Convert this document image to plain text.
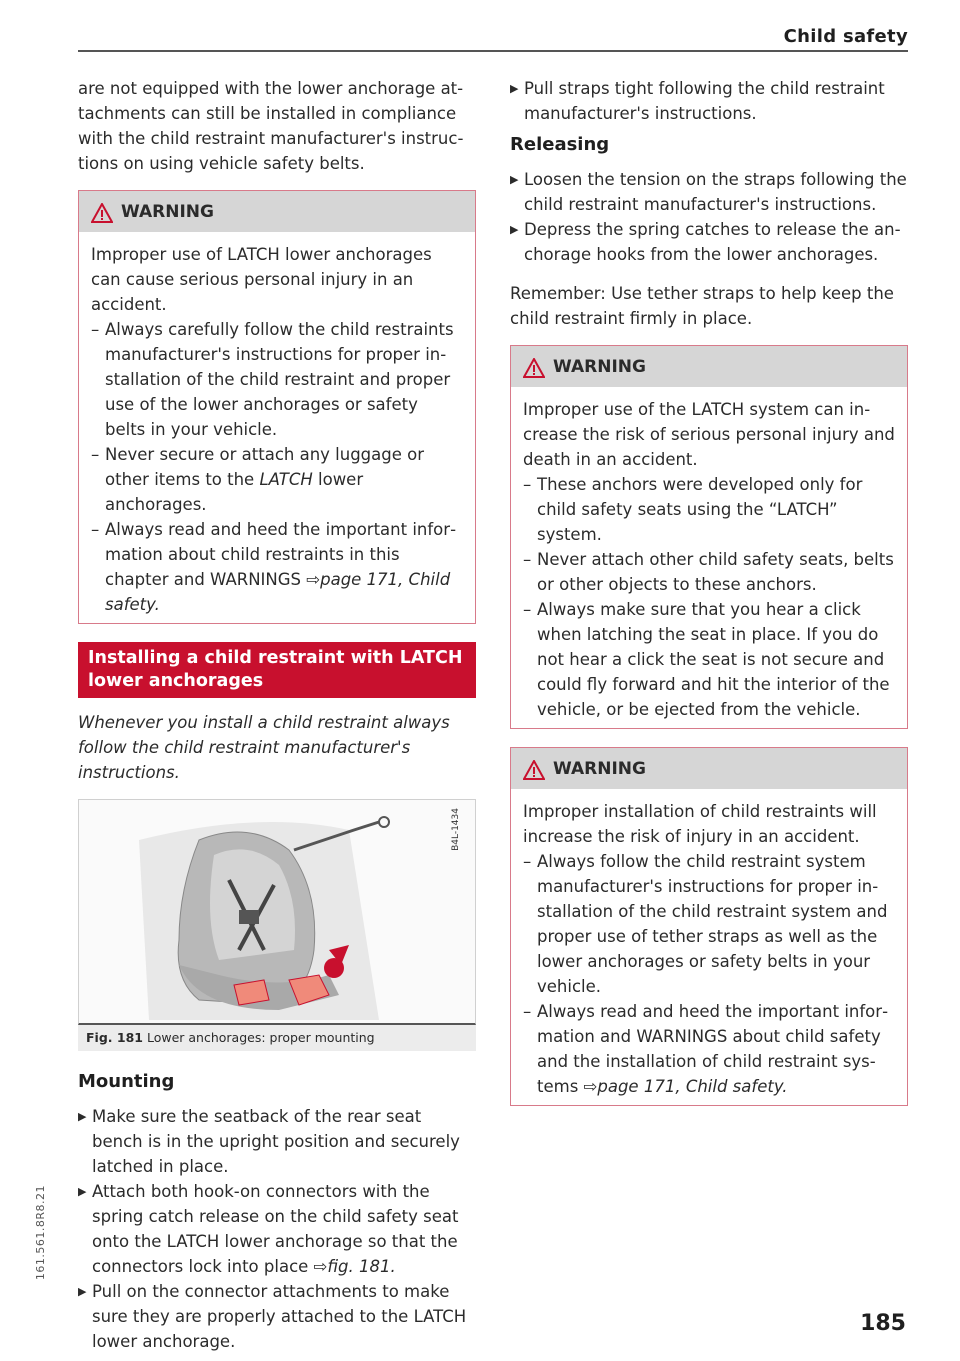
Child safety

are not equipped with the lower anchorage attachments can still be installed in compliance with the child restraint manufacturer's instructions on using vehicle safety belts.

WARNING

Improper use of LATCH lower anchorages can cause serious personal injury in an accident.

– Always carefully follow the child restraints manufacturer's instructions for proper installation of the child restraint and proper use of the lower anchorages or safety belts in your vehicle.

– Never secure or attach any luggage or other items to the LATCH lower anchorages.

– Always read and heed the important information about child restraints in this chapter and WARNINGS ⇨page 171, Child safety.

Installing a child restraint with LATCH lower anchorages

Whenever you install a child restraint always follow the child restraint manufacturer's instructions.

B4L-1434
Fig. 181 Lower anchorages: proper mounting
Mounting

▶ Make sure the seatback of the rear seat bench is in the upright position and securely latched in place.

▶ Attach both hook-on connectors with the spring catch release on the child safety seat onto the LATCH lower anchorage so that the connectors lock into place ⇨fig. 181.

▶ Pull on the connector attachments to make sure they are properly attached to the LATCH lower anchorage.

▶ Pull straps tight following the child restraint manufacturer's instructions.

Releasing

▶ Loosen the tension on the straps following the child restraint manufacturer's instructions.

▶ Depress the spring catches to release the anchorage hooks from the lower anchorages.

Remember: Use tether straps to help keep the child restraint firmly in place.

WARNING

Improper use of the LATCH system can increase the risk of serious personal injury and death in an accident.

– These anchors were developed only for child safety seats using the “LATCH” system.

– Never attach other child safety seats, belts or other objects to these anchors.

– Always make sure that you hear a click when latching the seat in place. If you do not hear a click the seat is not secure and could fly forward and hit the interior of the vehicle, or be ejected from the vehicle.

WARNING

Improper installation of child restraints will increase the risk of injury in an accident.

– Always follow the child restraint system manufacturer's instructions for proper installation of the child restraint system and proper use of tether straps as well as the lower anchorages or safety belts in your vehicle.

– Always read and heed the important information and WARNINGS about child safety and the installation of child restraint systems ⇨page 171, Child safety.

161.561.8R8.21
185
